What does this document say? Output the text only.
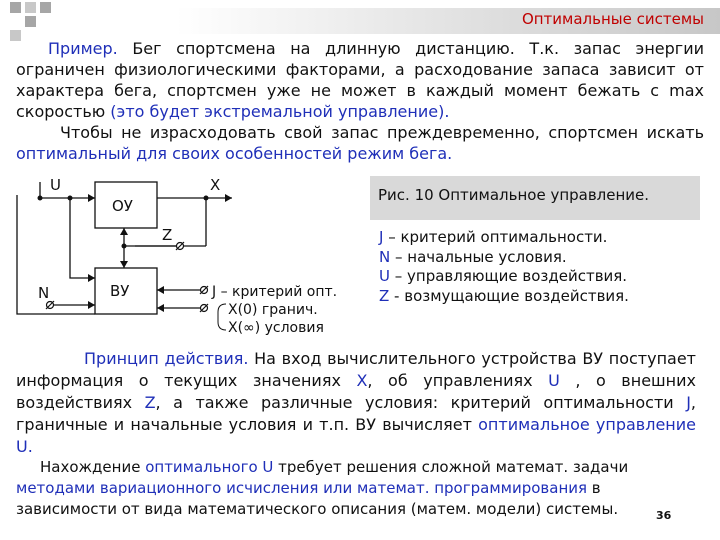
Оптимальные системы
Пример. Бег спортсмена на длинную дистанцию. Т.к. запас энергии ограничен физиологическими факторами, а расходование запаса зависит от характера бега, спортсмен уже не может в каждый момент бежать с max скоростью (это будет экстремальной управление).
Чтобы не израсходовать свой запас преждевременно, спортсмен искать оптимальный для своих особенностей режим бега.
U	X
ОУ
Z
N	ВУ	J – критерий опт.
X(0) гранич.
X(∞) условия
Рис. 10 Оптимальное управление.
J – критерий оптимальности.
N – начальные условия.
U – управляющие воздействия.
Z - возмущающие воздействия.
Принцип действия. На вход вычислительного устройства ВУ поступает информация о текущих значениях X, об управлениях U , о внешних воздействиях Z, а также различные условия: критерий оптимальности J, граничные и начальные условия и т.п. ВУ вычисляет оптимальное управление U.
Нахождение оптимального U требует решения сложной математ. задачи методами вариационного исчисления или математ. программирования в зависимости от вида математического описания (матем. модели) системы.	36
